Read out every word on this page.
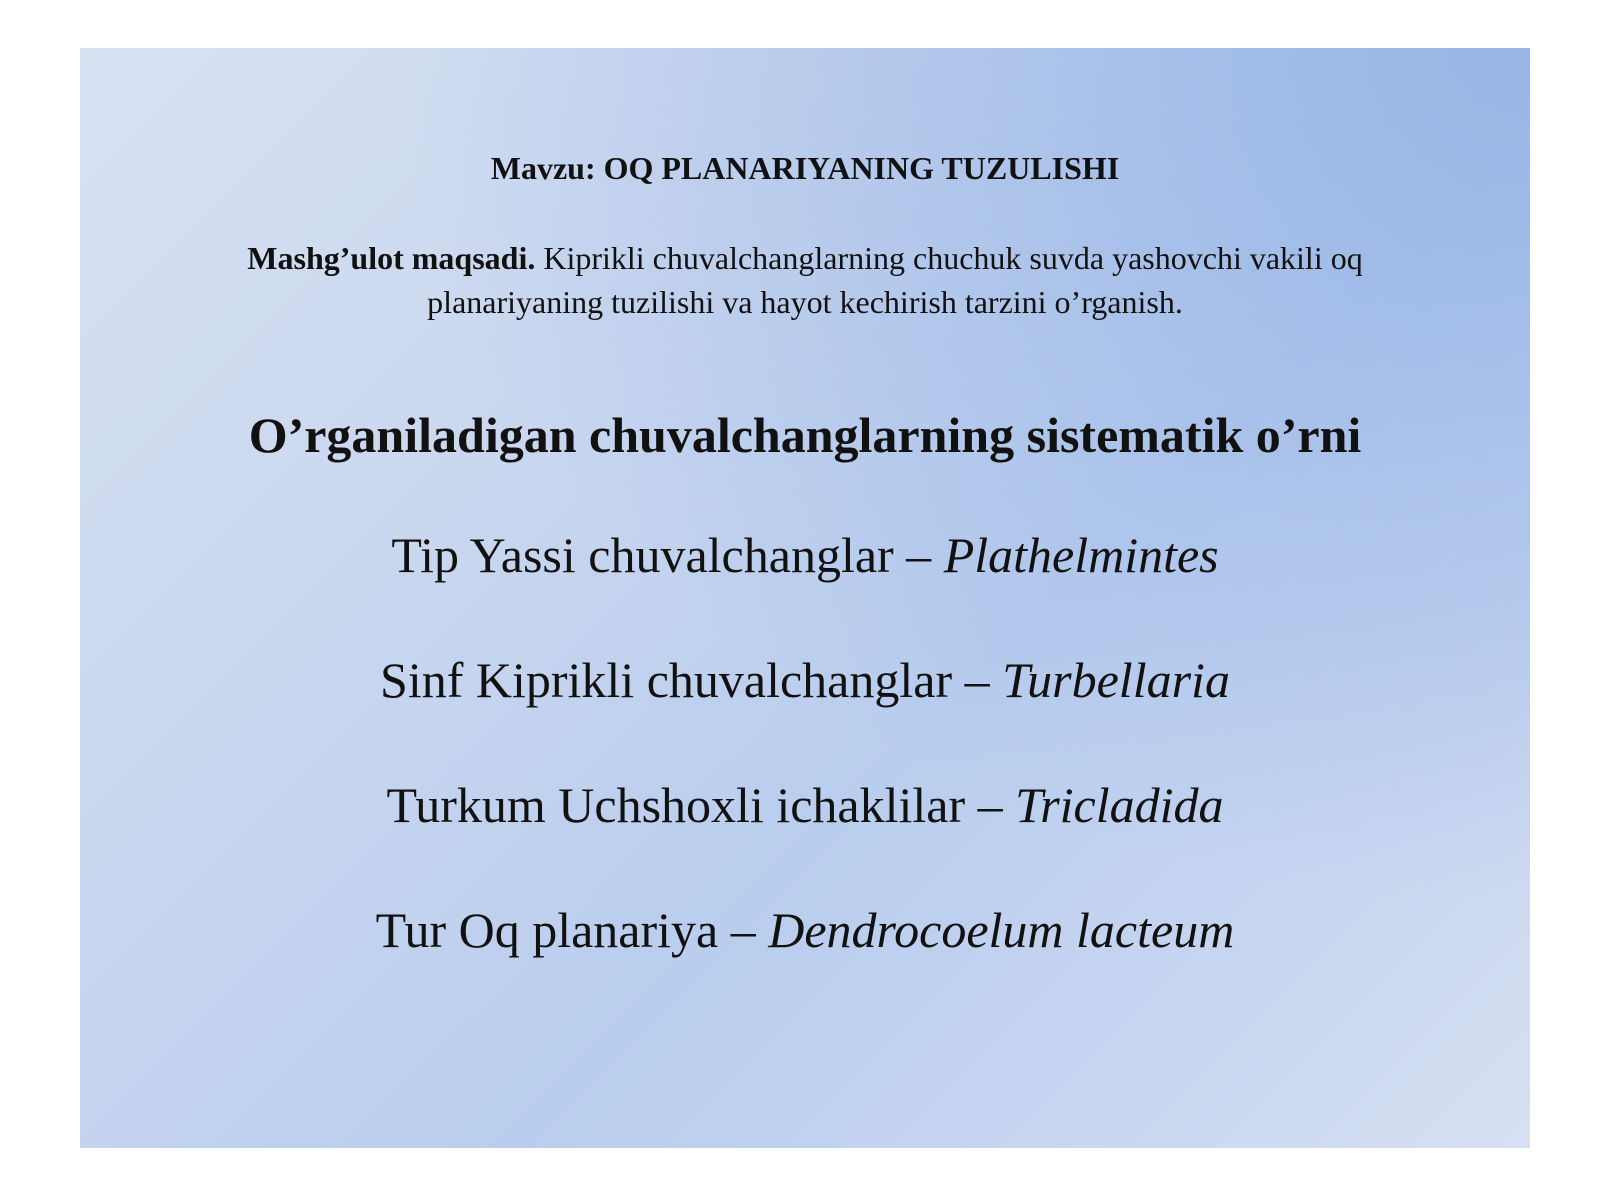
Mavzu: OQ PLANARIYANING TUZULISHI
Mashg’ulot maqsadi. Kiprikli chuvalchanglarning chuchuk suvda yashovchi vakili oq planariyaning tuzilishi va hayot kechirish tarzini o’rganish.
O’rganiladigan chuvalchanglarning sistematik o’rni
Tip Yassi chuvalchanglar – Plathelmintes
Sinf Kiprikli chuvalchanglar – Turbellaria
Turkum Uchshoxli ichaklilar – Tricladida
Tur Oq planariya – Dendrocoelum lacteum
